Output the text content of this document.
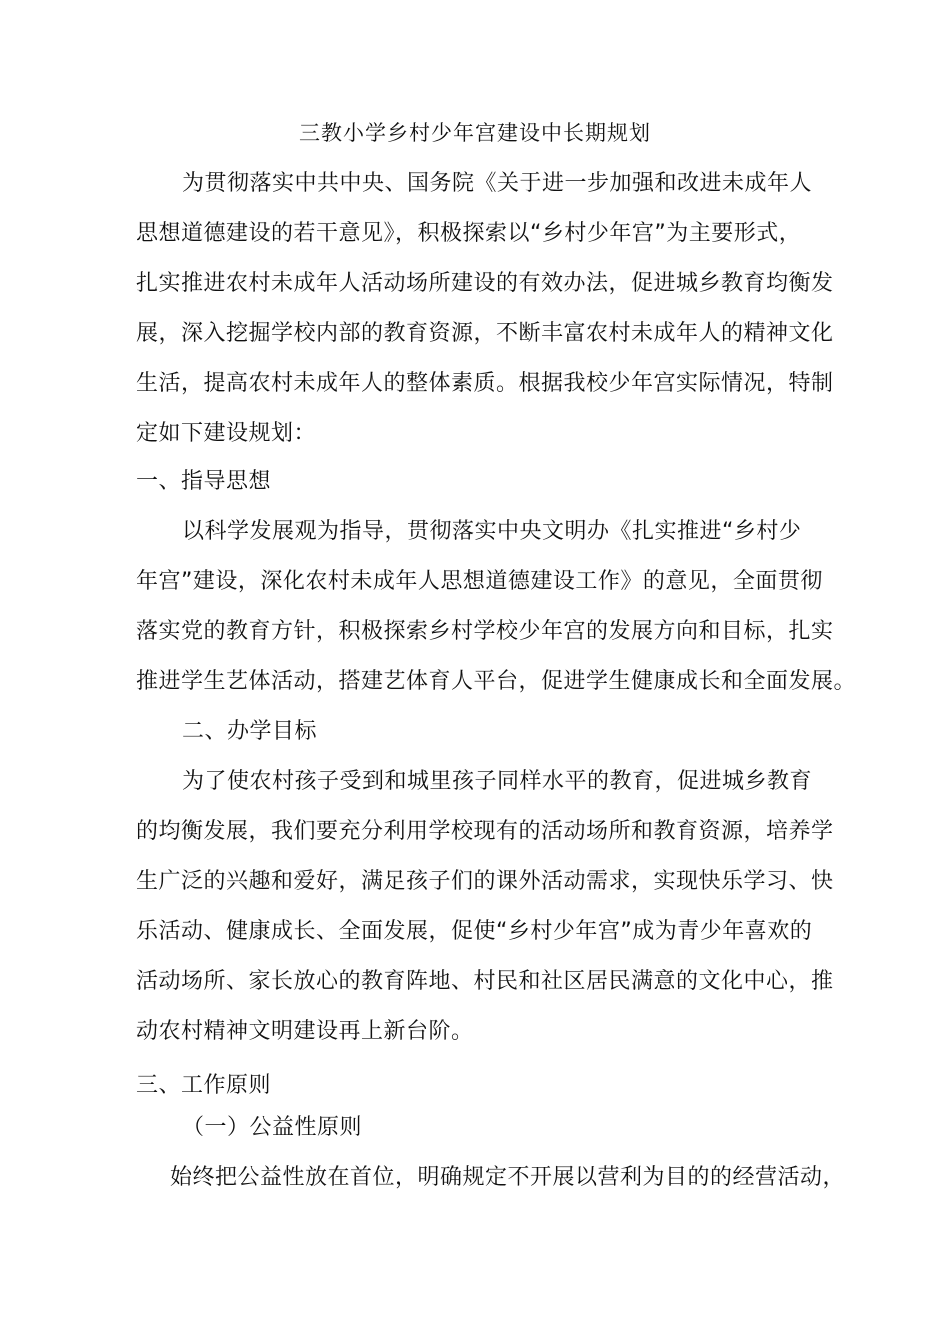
三教小学乡村少年宫建设中长期规划
为贯彻落实中共中央、国务院《关于进一步加强和改进未成年人
思想道德建设的若干意见》，积极探索以“乡村少年宫”为主要形式，
扎实推进农村未成年人活动场所建设的有效办法，促进城乡教育均衡发
展，深入挖掘学校内部的教育资源，不断丰富农村未成年人的精神文化
生活，提高农村未成年人的整体素质。根据我校少年宫实际情况，特制
定如下建设规划：
一、指导思想
以科学发展观为指导，贯彻落实中央文明办《扎实推进“乡村少
年宫”建设，深化农村未成年人思想道德建设工作》的意见，全面贯彻
落实党的教育方针，积极探索乡村学校少年宫的发展方向和目标，扎实
推进学生艺体活动，搭建艺体育人平台，促进学生健康成长和全面发展。
二、办学目标
为了使农村孩子受到和城里孩子同样水平的教育，促进城乡教育
的均衡发展，我们要充分利用学校现有的活动场所和教育资源，培养学
生广泛的兴趣和爱好，满足孩子们的课外活动需求，实现快乐学习、快
乐活动、健康成长、全面发展，促使“乡村少年宫”成为青少年喜欢的
活动场所、家长放心的教育阵地、村民和社区居民满意的文化中心，推
动农村精神文明建设再上新台阶。
三、工作原则
（一）公益性原则
始终把公益性放在首位，明确规定不开展以营利为目的的经营活动，
